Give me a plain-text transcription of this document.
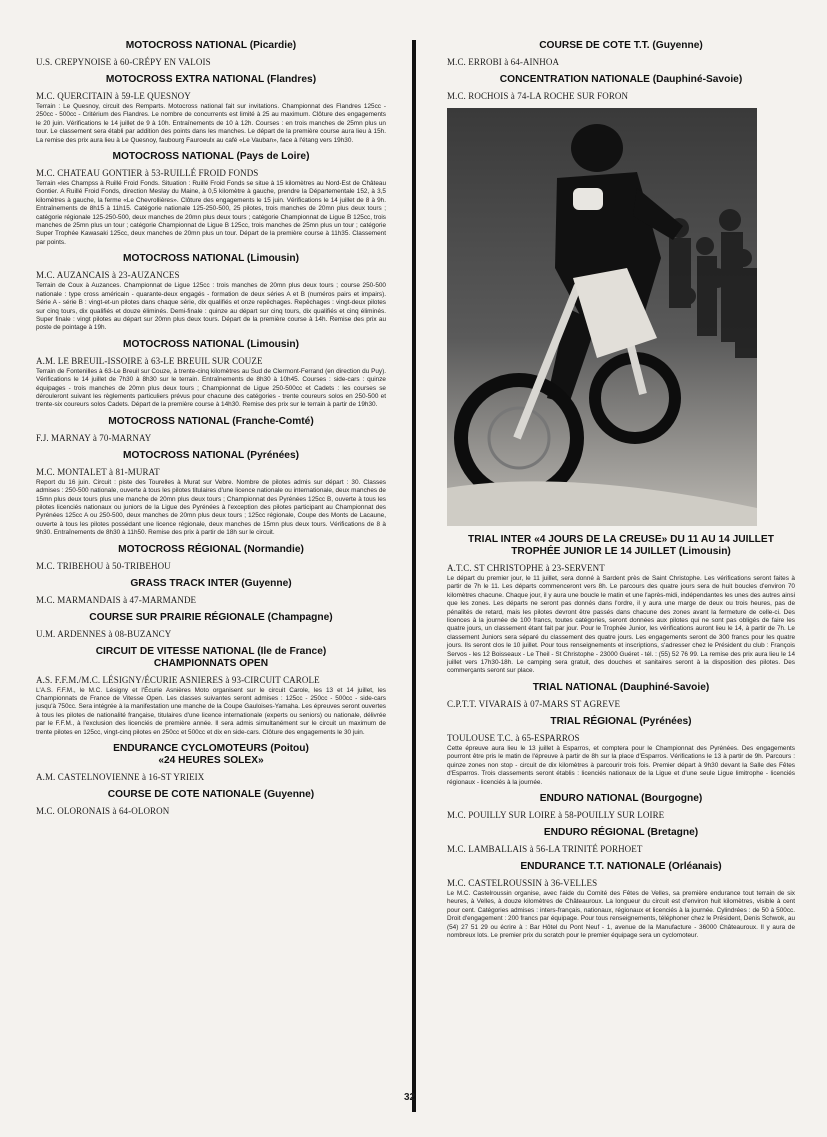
MOTOCROSS NATIONAL (Picardie)
U.S. CREPYNOISE à 60-CRÉPY EN VALOIS
MOTOCROSS EXTRA NATIONAL (Flandres)
M.C. QUERCITAIN à 59-LE QUESNOY
Terrain : Le Quesnoy, circuit des Remparts. Motocross national fait sur invitations. Championnat des Flandres 125cc - 250cc - 500cc - Critérium des Flandres. Le nombre de concurrents est limité à 25 au maximum. Clôture des engagements le 20 juin. Vérifications le 14 juillet de 9 à 10h. Entraînements de 10 à 12h. Courses : en trois manches de 25mn plus un tour. Le classement sera établi par addition des points dans les manches. Le départ de la première course aura lieu à 15h. La remise des prix aura lieu à Le Quesnoy, faubourg Fauroeulx au café «Le Vauban», face à l'étang vers 19h30.
MOTOCROSS NATIONAL (Pays de Loire)
M.C. CHATEAU GONTIER à 53-RUILLÉ FROID FONDS
Terrain «les Champss à Ruillé Froid Fonds. Situation : Ruillé Froid Fonds se situe à 15 kilomètres au Nord-Est de Château Gontier. A Ruillé Froid Fonds, direction Meslay du Maine, à 0,5 kilomètre à gauche, prendre la Départementale 152, à 3,5 kilomètres à gauche, la ferme «Le Chevrollières». Clôture des engagements le 15 juin. Vérifications le 14 juillet de 8 à 9h. Entraînements de 8h15 à 11h15. Catégorie nationale 125-250-500, 25 pilotes, trois manches de 20mn plus deux tours ; catégorie régionale 125-250-500, deux manches de 20mn plus deux tours ; catégorie Championnat de Ligue B 125cc, trois manches de 25mn plus un tour ; catégorie Championnat de Ligue B 125cc, trois manches de 25mn plus un tour ; catégorie Super Trophée Kawasaki 125cc, deux manches de 20mn plus un tour. Départ de la première course à 11h35. Classement par points.
MOTOCROSS NATIONAL (Limousin)
M.C. AUZANCAIS à 23-AUZANCES
Terrain de Coux à Auzances. Championnat de Ligue 125cc : trois manches de 20mn plus deux tours ; course 250-500 nationale : type cross américain - quarante-deux engagés - formation de deux séries A et B (numéros pairs et impairs). Série A - série B : vingt-et-un pilotes dans chaque série, dix qualifiés et onze repêchages. Repêchages : vingt-deux pilotes sur cinq tours, dix qualifiés et douze éliminés. Demi-finale : quinze au départ sur cinq tours, dix qualifiés et cinq éliminés. Super finale : vingt pilotes au départ sur 20mn plus deux tours. Départ de la première course à 14h. Remise des prix au poste de pointage à 19h.
MOTOCROSS NATIONAL (Limousin)
A.M. LE BREUIL-ISSOIRE à 63-LE BREUIL SUR COUZE
Terrain de Fontenilles à 63-Le Breuil sur Couze, à trente-cinq kilomètres au Sud de Clermont-Ferrand (en direction du Puy). Vérifications le 14 juillet de 7h30 à 8h30 sur le terrain. Entraînements de 8h30 à 10h45. Courses : side-cars : quinze équipages - trois manches de 20mn plus deux tours ; Championnat de Ligue 250-500cc et Cadets : les courses se dérouleront suivant les règlements particuliers prévus pour chacune des catégories - trente coureurs solos en 250-500 et trente-six coureurs solos Cadets. Départ de la première course à 14h30. Remise des prix sur le terrain à partir de 19h30.
MOTOCROSS NATIONAL (Franche-Comté)
F.J. MARNAY à 70-MARNAY
MOTOCROSS NATIONAL (Pyrénées)
M.C. MONTALET à 81-MURAT
Report du 16 juin. Circuit : piste des Tourelles à Murat sur Vebre. Nombre de pilotes admis sur départ : 30. Classes admises : 250-500 nationale, ouverte à tous les pilotes titulaires d'une licence nationale ou internationale, deux manches de 15mn plus deux tours plus une manche de 20mn plus deux tours ; Championnat des Pyrénées 125cc B, ouverte à tous les pilotes licenciés nationaux ou juniors de la Ligue des Pyrénées à l'exception des pilotes participant au Championnat des Pyrénées 125cc A ou 250-500, deux manches de 20mn plus deux tours ; 125cc régionale, Coupe des Monts de Lacaune, ouverte à tous les pilotes possédant une licence régionale, deux manches de 15mn plus deux tours. Vérifications de 8 à 9h30. Entraînements de 8h30 à 11h50. Remise des prix à partir de 18h sur le circuit.
MOTOCROSS RÉGIONAL (Normandie)
M.C. TRIBEHOU à 50-TRIBEHOU
GRASS TRACK INTER (Guyenne)
M.C. MARMANDAIS à 47-MARMANDE
COURSE SUR PRAIRIE RÉGIONALE (Champagne)
U.M. ARDENNES à 08-BUZANCY
CIRCUIT DE VITESSE NATIONAL (Ile de France)
CHAMPIONNATS OPEN
A.S. F.F.M./M.C. LÉSIGNY/ÉCURIE ASNIERES à 93-CIRCUIT CAROLE
L'A.S. F.F.M., le M.C. Lésigny et l'Écurie Asnières Moto organisent sur le circuit Carole, les 13 et 14 juillet, les Championnats de France de Vitesse Open. Les classes suivantes seront admises : 125cc - 250cc - 500cc - side-cars jusqu'à 750cc. Sera intégrée à la manifestation une manche de la Coupe Gauloises-Yamaha. Les épreuves seront ouvertes à tous les pilotes de nationalité française, titulaires d'une licence internationale (experts ou seniors) ou nationale, délivrée par le F.F.M., à l'exclusion des licenciés de première année. Il sera admis simultanément sur le circuit un maximum de trente pilotes en 125cc, vingt-cinq pilotes en 250cc et 500cc et dix en side-cars. Clôture des engagements le 30 juin.
ENDURANCE CYCLOMOTEURS (Poitou)
«24 HEURES SOLEX»
A.M. CASTELNOVIENNE à 16-ST YRIEIX
COURSE DE COTE NATIONALE (Guyenne)
M.C. OLORONAIS à 64-OLORON
COURSE DE COTE T.T. (Guyenne)
M.C. ERROBI à 64-AINHOA
CONCENTRATION NATIONALE (Dauphiné-Savoie)
M.C. ROCHOIS à 74-LA ROCHE SUR FORON
TRIAL INTER «4 JOURS DE LA CREUSE» DU 11 AU 14 JUILLET
TROPHÉE JUNIOR LE 14 JUILLET (Limousin)
A.T.C. ST CHRISTOPHE à 23-SERVENT
Le départ du premier jour, le 11 juillet, sera donné à Sardent près de Saint Christophe. Les vérifications seront faites à partir de 7h le 11. Les départs commenceront vers 8h. Le parcours des quatre jours sera de huit boucles d'environ 70 kilomètres chacune. Chaque jour, il y aura une boucle le matin et une l'après-midi, indépendantes les unes des autres ainsi que les zones. Les départs ne seront pas donnés dans l'ordre, il y aura une marge de deux ou trois heures, pas de pénalités de retard, mais les pilotes devront être passés dans chacune des zones avant la fermeture de celle-ci. Des licences à la journée de 100 francs, toutes catégories, seront données aux pilotes qui ne sont pas obligés de faire les quatre jours, un classement étant fait par jour. Pour le Trophée Junior, les vérifications auront lieu le 14, à partir de 7h. Le classement Juniors sera séparé du classement des quatre jours. Les engagements seront de 300 francs pour les quatre jours. Ils seront clos le 10 juillet. Pour tous renseignements et inscriptions, s'adresser chez le Président du club : François Servos - les 12 Boisseaux - Le Theil - St Christophe - 23000 Guéret - tél. : (55) 52 76 99. La remise des prix aura lieu le 14 juillet vers 17h30-18h. Le camping sera gratuit, des douches et sanitaires seront à la disposition des pilotes. Des commerçants seront sur place.
TRIAL NATIONAL (Dauphiné-Savoie)
C.P.T.T. VIVARAIS à 07-MARS ST AGREVE
TRIAL RÉGIONAL (Pyrénées)
TOULOUSE T.C. à 65-ESPARROS
Cette épreuve aura lieu le 13 juillet à Esparros, et comptera pour le Championnat des Pyrénées. Des engagements pourront être pris le matin de l'épreuve à partir de 8h sur la place d'Esparros. Vérifications le 13 à partir de 9h. Parcours : quinze zones non stop - circuit de dix kilomètres à parcourir trois fois. Premier départ à 9h30 devant la Salle des Fêtes d'Esparros. Trois classements seront établis : licenciés nationaux de la Ligue et d'une seule Ligue limitrophe - licenciés régionaux - licenciés à la journée.
ENDURO NATIONAL (Bourgogne)
M.C. POUILLY SUR LOIRE à 58-POUILLY SUR LOIRE
ENDURO RÉGIONAL (Bretagne)
M.C. LAMBALLAIS à 56-LA TRINITÉ PORHOET
ENDURANCE T.T. NATIONALE (Orléanais)
M.C. CASTELROUSSIN à 36-VELLES
Le M.C. Castelroussin organise, avec l'aide du Comité des Fêtes de Velles, sa première endurance tout terrain de six heures, à Velles, à douze kilomètres de Châteauroux. La longueur du circuit est d'environ huit kilomètres, visible à cent pour cent. Catégories admises : inters-français, nationaux, régionaux et licenciés à la journée. Cylindrées : de 50 à 500cc. Droit d'engagement : 200 francs par équipage. Pour tous renseignements, téléphoner chez le Président, Denis Schwok, au (54) 27 51 29 ou écrire à : Bar Hôtel du Pont Neuf - 1, avenue de la Manufacture - 36000 Châteauroux. Il y aura de nombreux lots. Le premier prix du scratch pour le premier équipage sera un cyclomoteur.
32
